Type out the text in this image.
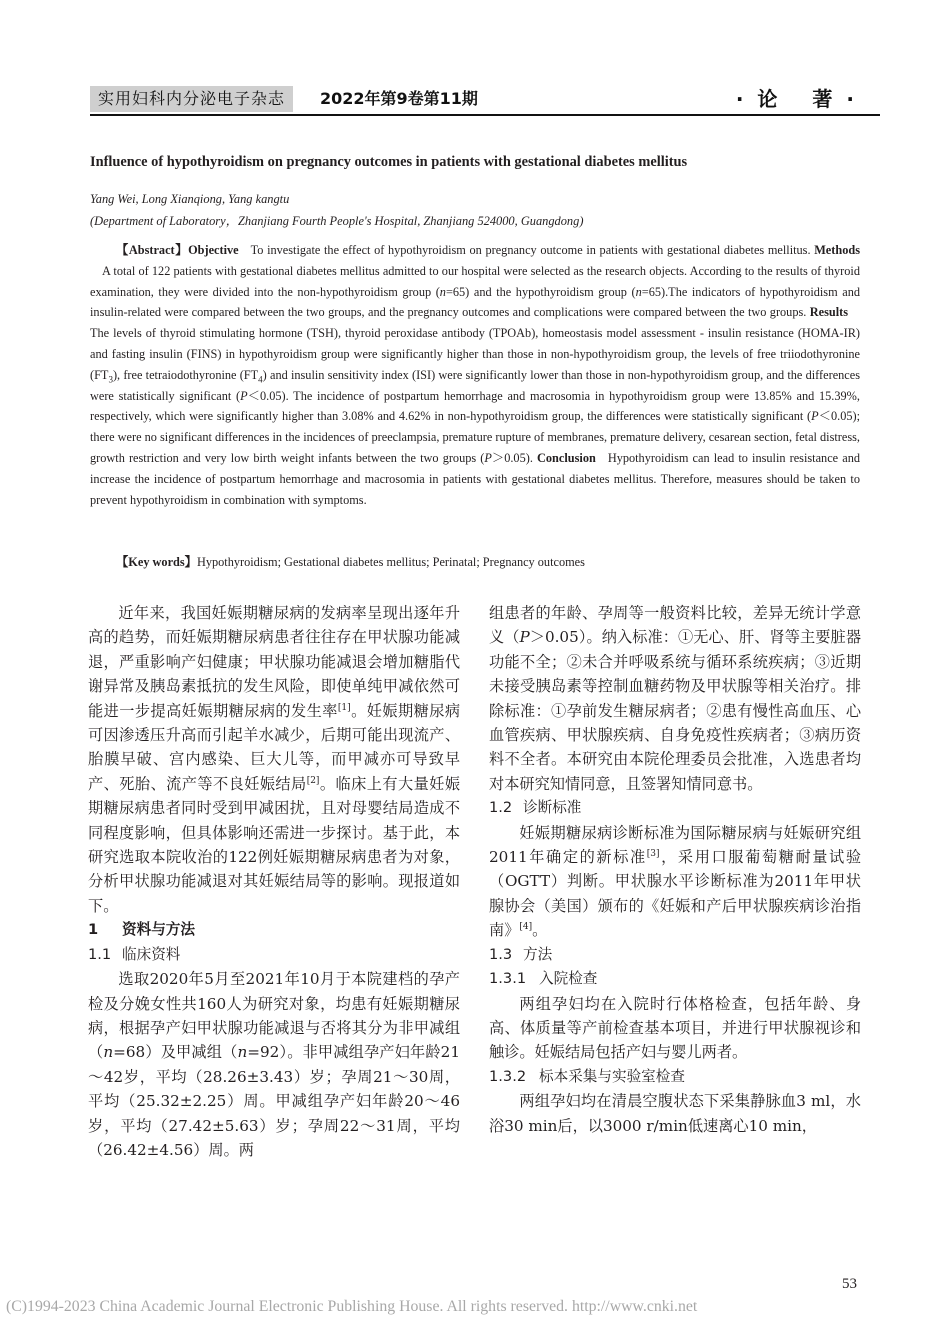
实用妇科内分泌电子杂志	2022年第9卷第11期	·论 著·
Influence of hypothyroidism on pregnancy outcomes in patients with gestational diabetes mellitus
Yang Wei, Long Xianqiong, Yang kangtu
(Department of Laboratory，Zhanjiang Fourth People's Hospital, Zhanjiang 524000, Guangdong)

【Abstract】Objective To investigate the effect of hypothyroidism on pregnancy outcome in patients with gestational diabetes mellitus. MethodsA total of 122 patients with gestational diabetes mellitus admitted to our hospital were selected as the research objects. According to the results of thyroid examination, they were divided into the non-hypothyroidism group (n=65) and the hypothyroidism group (n=65).The indicators of hypothyroidism and insulin-related were compared between the two groups, and the pregnancy outcomes and complications were compared between the two groups. ResultsThe levels of thyroid stimulating hormone (TSH), thyroid peroxidase antibody (TPOAb), homeostasis model assessment - insulin resistance (HOMA-IR) and fasting insulin (FINS) in hypothyroidism group were significantly higher than those in non-hypothyroidism group, the levels of free triiodothyronine $(FT_3)$, free tetraiodothyronine $(FT_4)$ and insulin sensitivity index (ISI) were significantly lower than those in non-hypothyroidism group, and the differences were statistically significant (P＜0.05). The incidence of postpartum hemorrhage and macrosomia in hypothyroidism group were 13.85% and 15.39%, respectively, which were significantly higher than 3.08% and 4.62% in non-hypothyroidism group, the differences were statistically significant (P＜0.05); there were no significant differences in the incidences of preeclampsia, premature rupture of membranes, premature delivery, cesarean section, fetal distress, growth restriction and very low birth weight infants between the two groups (P＞0.05). Conclusion Hypothyroidism can lead to insulin resistance and increase the incidence of postpartum hemorrhage and macrosomia in patients with gestational diabetes mellitus. Therefore, measures should be taken to prevent hypothyroidism in combination with symptoms.

【Key words】Hypothyroidism; Gestational diabetes mellitus; Perinatal; Pregnancy outcomes

近年来，我国妊娠期糖尿病的发病率呈现出逐年升高的趋势，而妊娠期糖尿病患者往往存在甲状腺功能减退，严重影响产妇健康；甲状腺功能减退会增加糖脂代谢异常及胰岛素抵抗的发生风险，即使单纯甲减依然可能进一步提高妊娠期糖尿病的发生率[1]。妊娠期糖尿病可因渗透压升高而引起羊水减少，后期可能出现流产、胎膜早破、宫内感染、巨大儿等，而甲减亦可导致早产、死胎、流产等不良妊娠结局[2]。临床上有大量妊娠期糖尿病患者同时受到甲减困扰，且对母婴结局造成不同程度影响，但具体影响还需进一步探讨。基于此，本研究选取本院收治的122例妊娠期糖尿病患者为对象，分析甲状腺功能减退对其妊娠结局等的影响。现报道如下。

1 资料与方法

1.1 临床资料

选取2020年5月至2021年10月于本院建档的孕产检及分娩女性共160人为研究对象，均患有妊娠期糖尿病，根据孕产妇甲状腺功能减退与否将其分为非甲减组（n=68）及甲减组（n=92）。非甲减组孕产妇年龄21～42岁，平均（28.26±3.43）岁；孕周21～30周，平均（25.32±2.25）周。甲减组孕产妇年龄20～46岁，平均（27.42±5.63）岁；孕周22～31周，平均（26.42±4.56）周。两

组患者的年龄、孕周等一般资料比较，差异无统计学意义（P＞0.05）。纳入标准：①无心、肝、肾等主要脏器功能不全；②未合并呼吸系统与循环系统疾病；③近期未接受胰岛素等控制血糖药物及甲状腺等相关治疗。排除标准：①孕前发生糖尿病者；②患有慢性高血压、心血管疾病、甲状腺疾病、自身免疫性疾病者；③病历资料不全者。本研究由本院伦理委员会批准，入选患者均对本研究知情同意，且签署知情同意书。

1.2 诊断标准

妊娠期糖尿病诊断标准为国际糖尿病与妊娠研究组2011年确定的新标准[3]，采用口服葡萄糖耐量试验（OGTT）判断。甲状腺水平诊断标准为2011年甲状腺协会（美国）颁布的《妊娠和产后甲状腺疾病诊治指南》[4]。

1.3 方法

1.3.1 入院检查

两组孕妇均在入院时行体格检查，包括年龄、身高、体质量等产前检查基本项目，并进行甲状腺视诊和触诊。妊娠结局包括产妇与婴儿两者。

1.3.2 标本采集与实验室检查

两组孕妇均在清晨空腹状态下采集静脉血3 ml，水浴30 min后，以3000 r/min低速离心10 min，

53
(C)1994-2023 China Academic Journal Electronic Publishing House. All rights reserved. http://www.cnki.net
